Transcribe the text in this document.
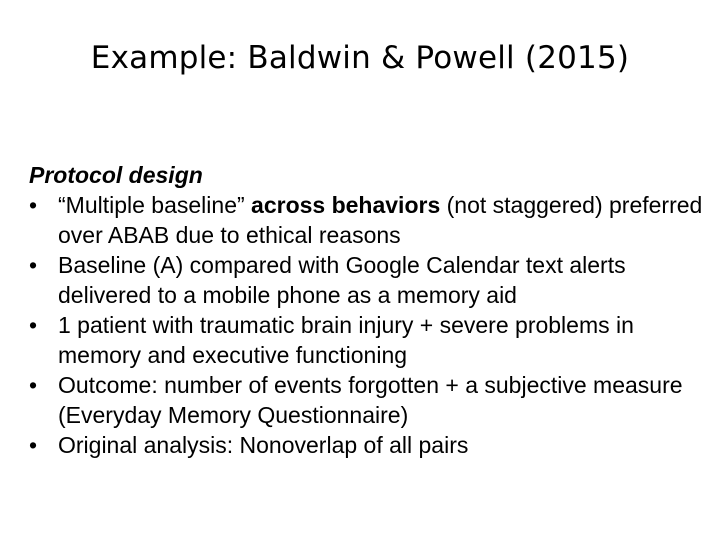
Example: Baldwin & Powell (2015)
Protocol design
• “Multiple baseline” across behaviors (not staggered) preferred over ABAB due to ethical reasons
• Baseline (A) compared with Google Calendar text alerts delivered to a mobile phone as a memory aid
• 1 patient with traumatic brain injury + severe problems in memory and executive functioning
• Outcome: number of events forgotten + a subjective measure (Everyday Memory Questionnaire)
• Original analysis: Nonoverlap of all pairs
